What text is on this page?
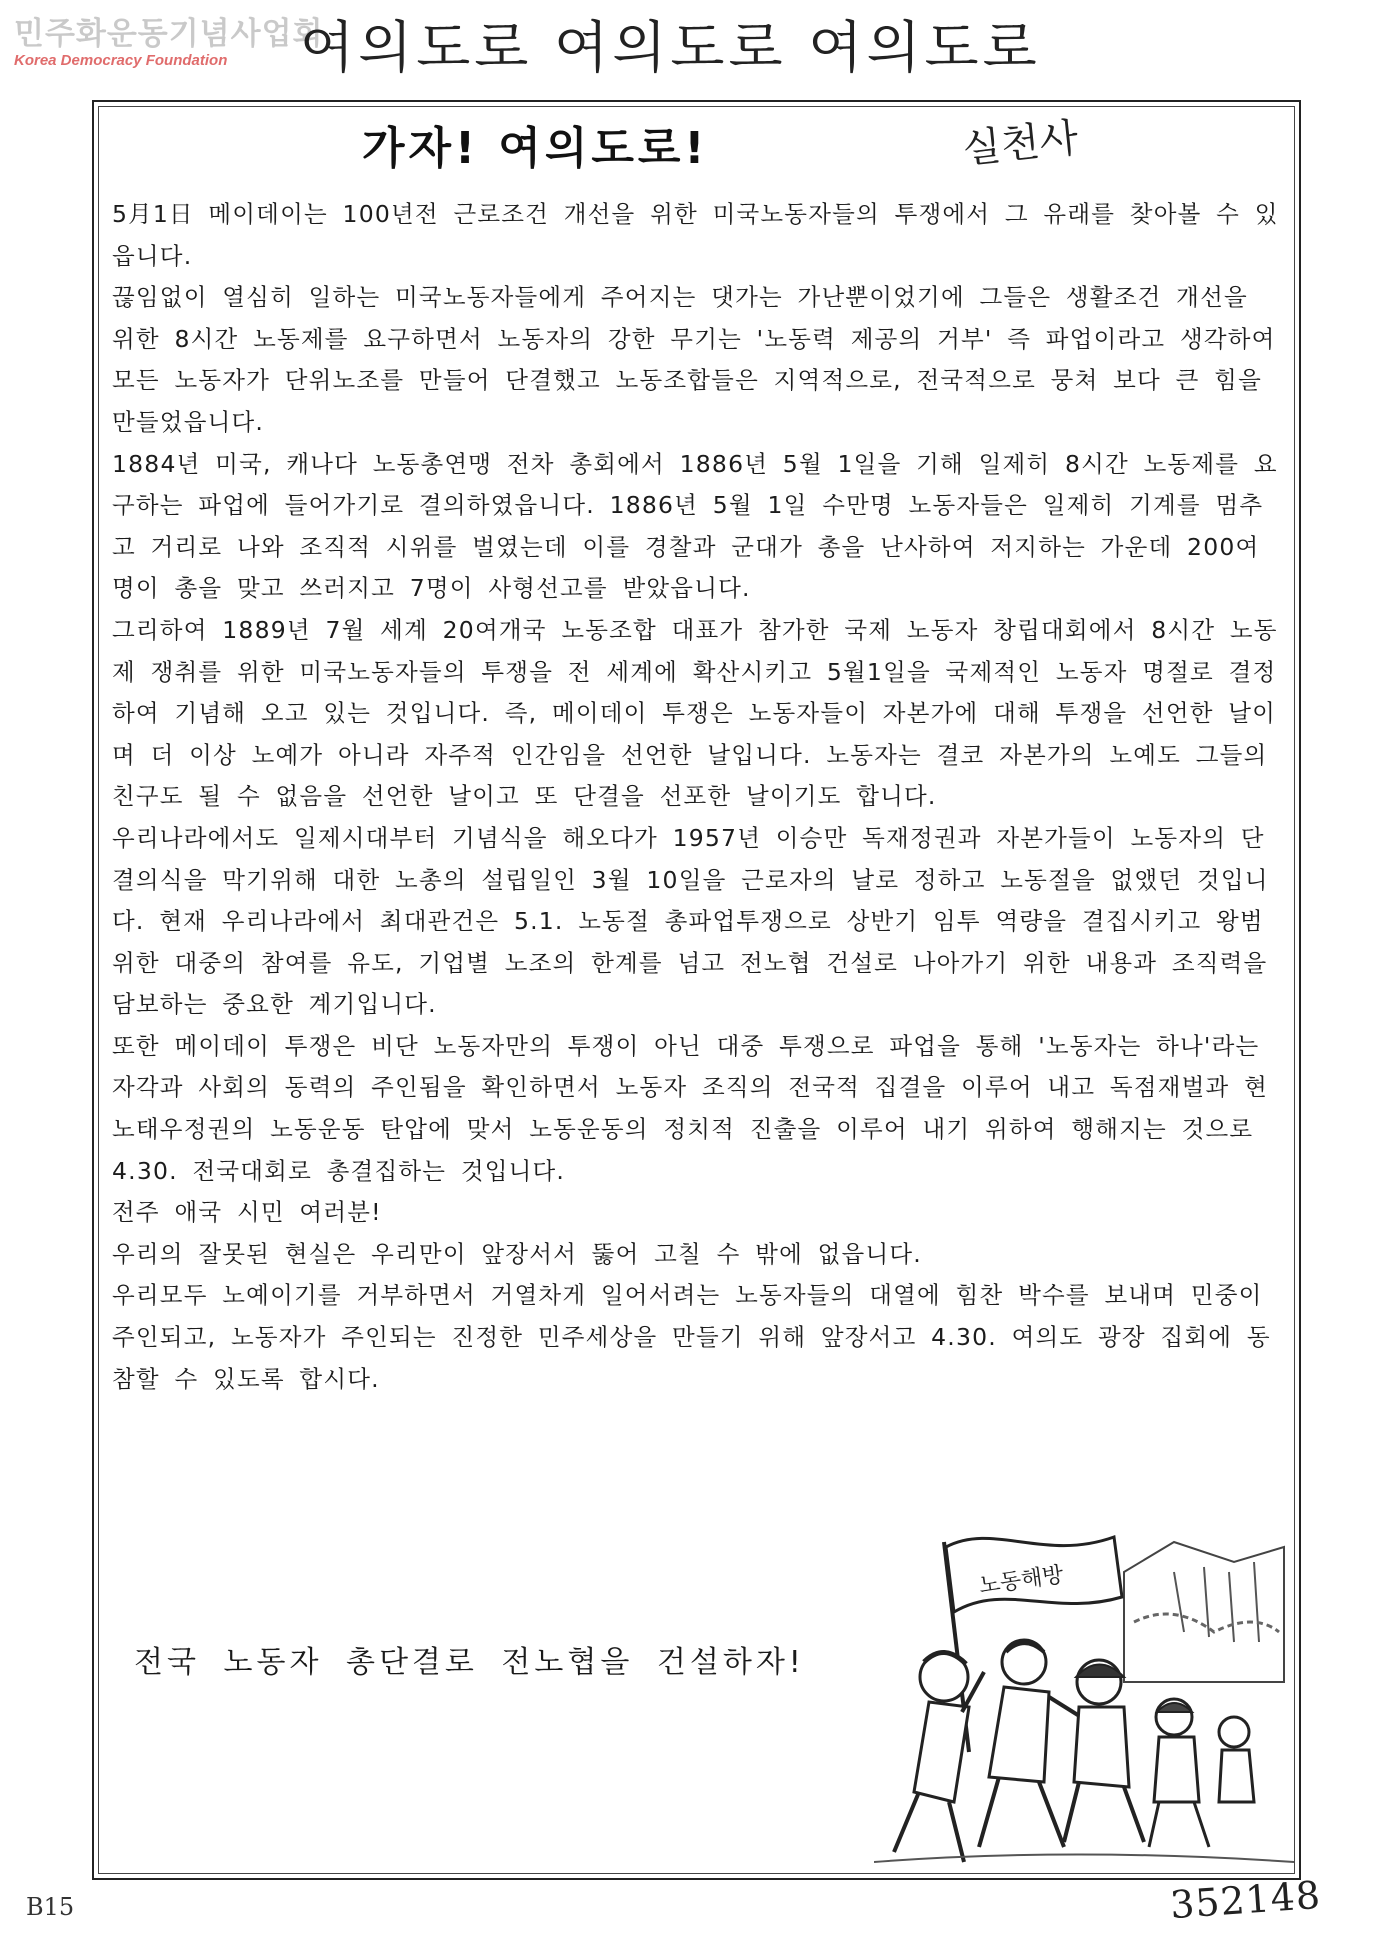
민주화운동기념사업회
Korea Democracy Foundation	여의도로 여의도로 여의도로
가자! 여의도로!	실천사

5月1日 메이데이는 100년전 근로조건 개선을 위한 미국노동자들의 투쟁에서 그 유래를 찾아볼 수 있읍니다.

끊임없이 열심히 일하는 미국노동자들에게 주어지는 댓가는 가난뿐이었기에 그들은 생활조건 개선을 위한 8시간 노동제를 요구하면서 노동자의 강한 무기는 '노동력 제공의 거부' 즉 파업이라고 생각하여 모든 노동자가 단위노조를 만들어 단결했고 노동조합들은 지역적으로, 전국적으로 뭉쳐 보다 큰 힘을 만들었읍니다.

1884년 미국, 캐나다 노동총연맹 전차 총회에서 1886년 5월 1일을 기해 일제히 8시간 노동제를 요구하는 파업에 들어가기로 결의하였읍니다. 1886년 5월 1일 수만명 노동자들은 일제히 기계를 멈추고 거리로 나와 조직적 시위를 벌였는데 이를 경찰과 군대가 총을 난사하여 저지하는 가운데 200여명이 총을 맞고 쓰러지고 7명이 사형선고를 받았읍니다.

그리하여 1889년 7월 세계 20여개국 노동조합 대표가 참가한 국제 노동자 창립대회에서 8시간 노동제 쟁취를 위한 미국노동자들의 투쟁을 전 세계에 확산시키고 5월1일을 국제적인 노동자 명절로 결정하여 기념해 오고 있는 것입니다. 즉, 메이데이 투쟁은 노동자들이 자본가에 대해 투쟁을 선언한 날이며 더 이상 노예가 아니라 자주적 인간임을 선언한 날입니다. 노동자는 결코 자본가의 노예도 그들의 친구도 될 수 없음을 선언한 날이고 또 단결을 선포한 날이기도 합니다.

우리나라에서도 일제시대부터 기념식을 해오다가 1957년 이승만 독재정권과 자본가들이 노동자의 단결의식을 막기위해 대한 노총의 설립일인 3월 10일을 근로자의 날로 정하고 노동절을 없앴던 것입니다. 현재 우리나라에서 최대관건은 5.1. 노동절 총파업투쟁으로 상반기 임투 역량을 결집시키고 왕범위한 대중의 참여를 유도, 기업별 노조의 한계를 넘고 전노협 건설로 나아가기 위한 내용과 조직력을 담보하는 중요한 계기입니다.

또한 메이데이 투쟁은 비단 노동자만의 투쟁이 아닌 대중 투쟁으로 파업을 통해 '노동자는 하나'라는 자각과 사회의 동력의 주인됨을 확인하면서 노동자 조직의 전국적 집결을 이루어 내고 독점재벌과 현 노태우정권의 노동운동 탄압에 맞서 노동운동의 정치적 진출을 이루어 내기 위하여 행해지는 것으로 4.30. 전국대회로 총결집하는 것입니다.

전주 애국 시민 여러분!

우리의 잘못된 현실은 우리만이 앞장서서 뚫어 고칠 수 밖에 없읍니다.

우리모두 노예이기를 거부하면서 거열차게 일어서려는 노동자들의 대열에 힘찬 박수를 보내며 민중이 주인되고, 노동자가 주인되는 진정한 민주세상을 만들기 위해 앞장서고 4.30. 여의도 광장 집회에 동참할 수 있도록 합시다.

전국 노동자 총단결로 전노협을 건설하자!
노동해방
B15	352148
